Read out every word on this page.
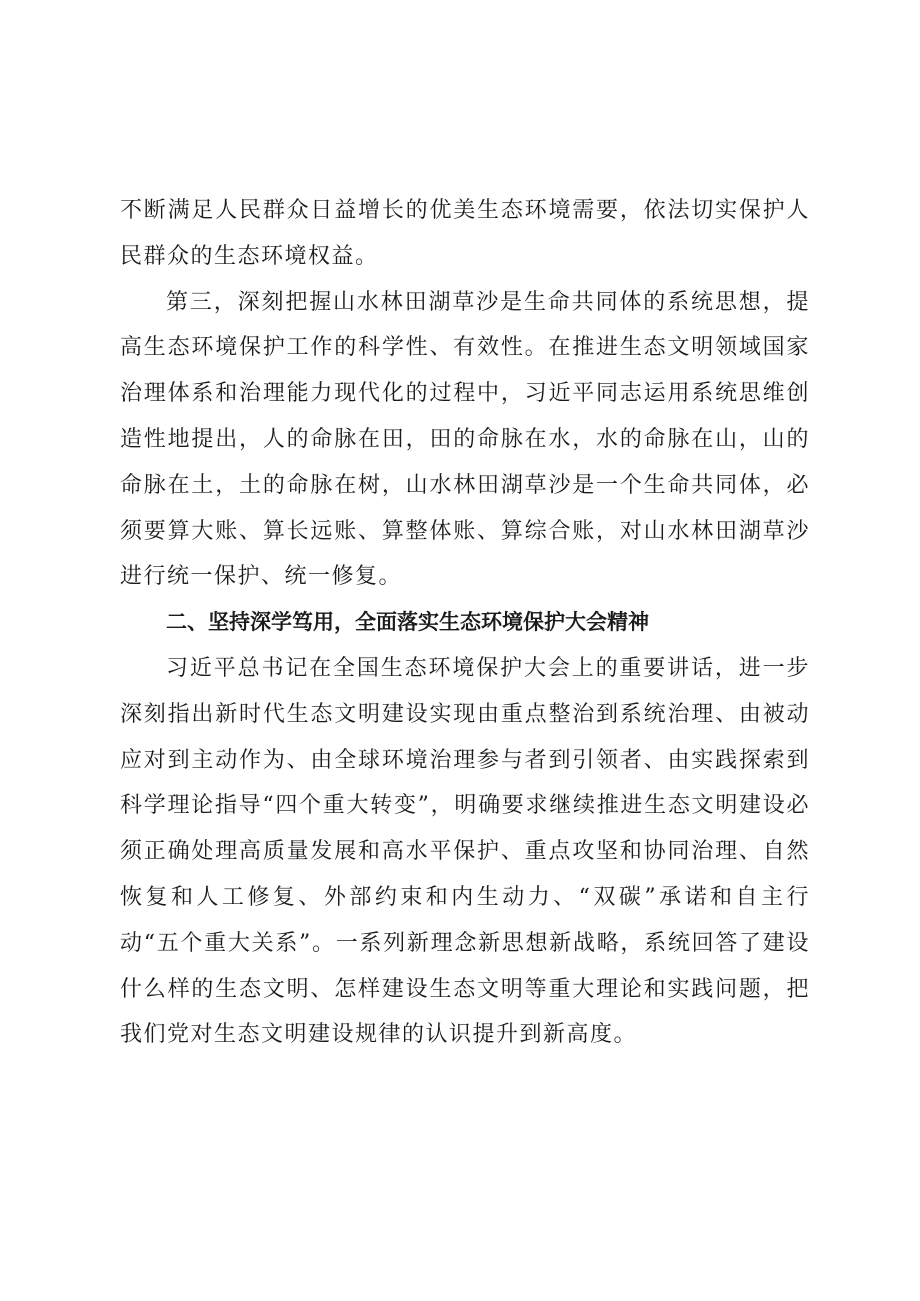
不断满足人民群众日益增长的优美生态环境需要，依法切实保护人民群众的生态环境权益。

第三，深刻把握山水林田湖草沙是生命共同体的系统思想，提高生态环境保护工作的科学性、有效性。在推进生态文明领域国家治理体系和治理能力现代化的过程中，习近平同志运用系统思维创造性地提出，人的命脉在田，田的命脉在水，水的命脉在山，山的命脉在土，土的命脉在树，山水林田湖草沙是一个生命共同体，必须要算大账、算长远账、算整体账、算综合账，对山水林田湖草沙进行统一保护、统一修复。

二、坚持深学笃用，全面落实生态环境保护大会精神

习近平总书记在全国生态环境保护大会上的重要讲话，进一步深刻指出新时代生态文明建设实现由重点整治到系统治理、由被动应对到主动作为、由全球环境治理参与者到引领者、由实践探索到科学理论指导“四个重大转变”，明确要求继续推进生态文明建设必须正确处理高质量发展和高水平保护、重点攻坚和协同治理、自然恢复和人工修复、外部约束和内生动力、“双碳”承诺和自主行动“五个重大关系”。一系列新理念新思想新战略，系统回答了建设什么样的生态文明、怎样建设生态文明等重大理论和实践问题，把我们党对生态文明建设规律的认识提升到新高度。
